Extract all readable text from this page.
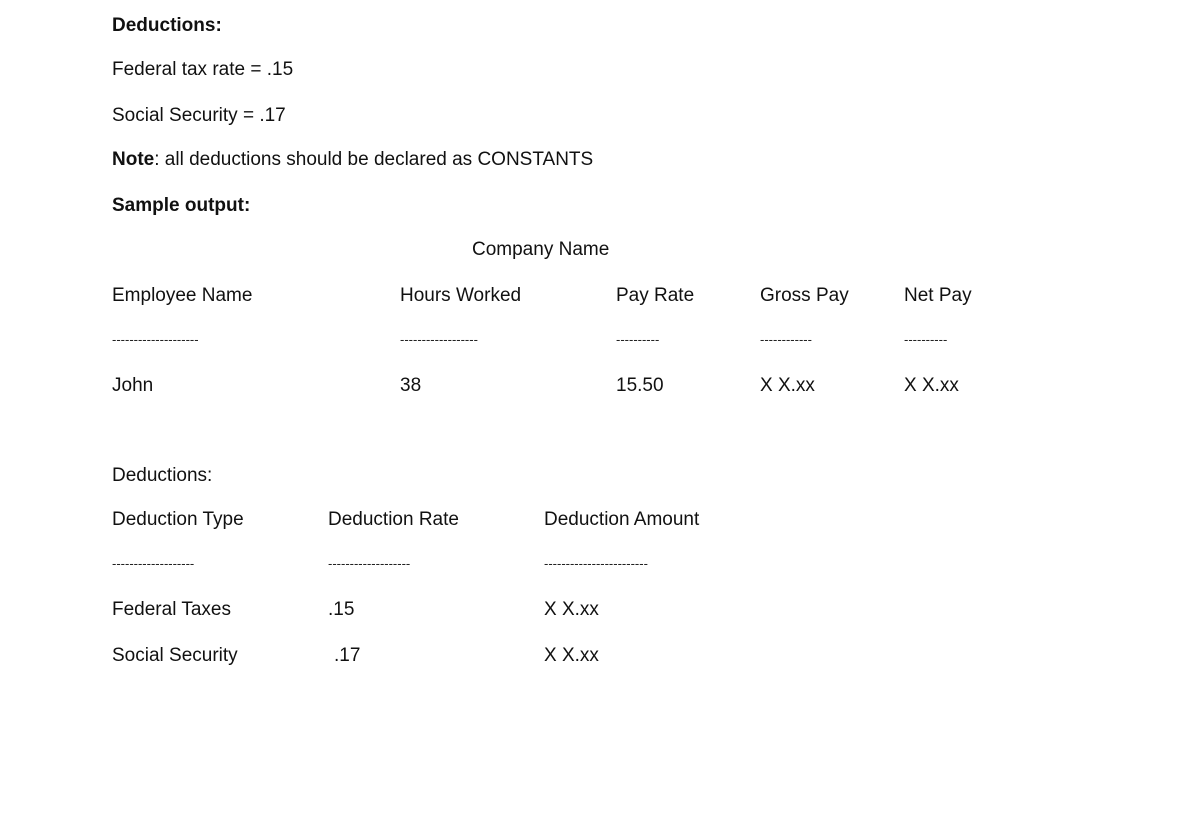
Deductions:
Federal tax rate = .15
Social Security = .17
Note: all deductions should be declared as CONSTANTS
Sample output:
Company Name
Employee Name	Hours Worked	Pay Rate	Gross Pay	Net Pay
--------------------	------------------	----------	------------	----------
John	38	15.50	X X.xx	X X.xx
Deductions:
Deduction Type	Deduction Rate	Deduction Amount
-------------------	-------------------	------------------------
Federal Taxes	.15	X X.xx
Social Security	.17	X X.xx
